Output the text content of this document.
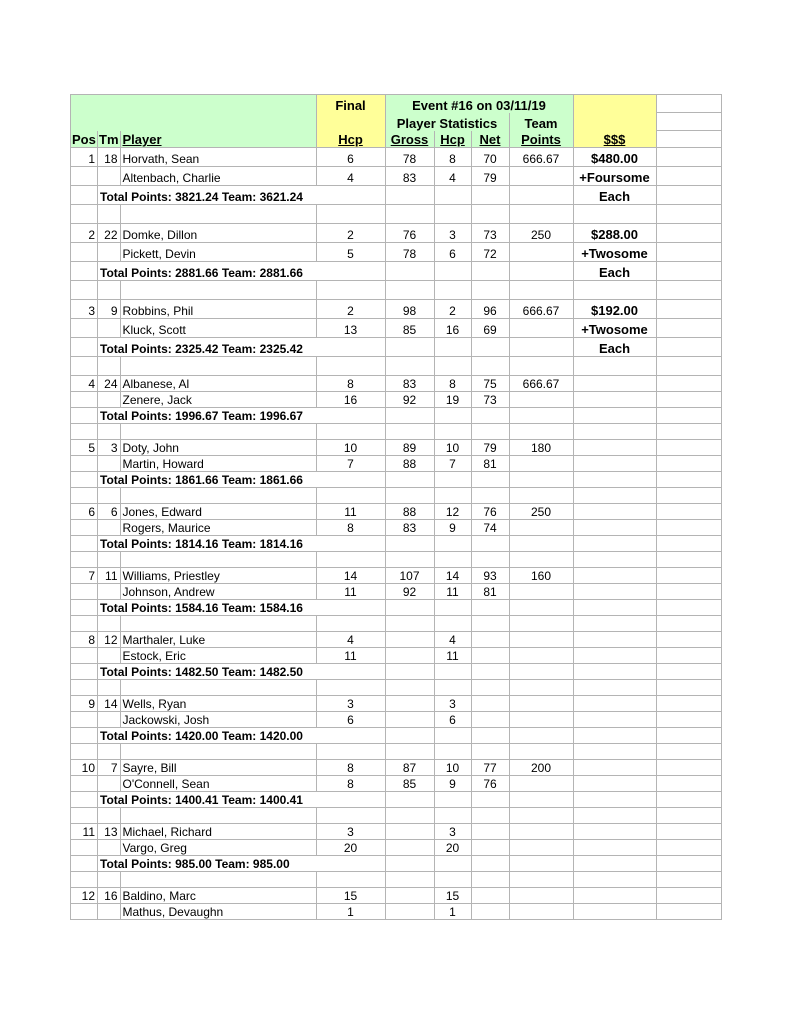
			Final	Event #16 on 03/11/19					
				Player Statistics			Team		
Pos	Tm	Player	Hcp	Gross	Hcp	Net	Points	$$$	
1	18	Horvath, Sean	6	78	8	70	666.67	$480.00	
		Altenbach, Charlie	4	83	4	79		+Foursome	
	Total Points: 3821.24 Team: 3621.24							Each	

2	22	Domke, Dillon	2	76	3	73	250	$288.00	
		Pickett, Devin	5	78	6	72		+Twosome	
	Total Points: 2881.66 Team: 2881.66							Each	

3	9	Robbins, Phil	2	98	2	96	666.67	$192.00	
		Kluck, Scott	13	85	16	69		+Twosome	
	Total Points: 2325.42 Team: 2325.42							Each	

4	24	Albanese, Al	8	83	8	75	666.67		
		Zenere, Jack	16	92	19	73			
	Total Points: 1996.67 Team: 1996.67								

5	3	Doty, John	10	89	10	79	180		
		Martin, Howard	7	88	7	81			
	Total Points: 1861.66 Team: 1861.66								

6	6	Jones, Edward	11	88	12	76	250		
		Rogers, Maurice	8	83	9	74			
	Total Points: 1814.16 Team: 1814.16								

7	11	Williams, Priestley	14	107	14	93	160		
		Johnson, Andrew	11	92	11	81			
	Total Points: 1584.16 Team: 1584.16								

8	12	Marthaler, Luke	4		4				
		Estock, Eric	11		11				
	Total Points: 1482.50 Team: 1482.50								

9	14	Wells, Ryan	3		3				
		Jackowski, Josh	6		6				
	Total Points: 1420.00 Team: 1420.00								

10	7	Sayre, Bill	8	87	10	77	200		
		O'Connell, Sean	8	85	9	76			
	Total Points: 1400.41 Team: 1400.41								

11	13	Michael, Richard	3		3				
		Vargo, Greg	20		20				
	Total Points: 985.00 Team: 985.00								

12	16	Baldino, Marc	15		15				
		Mathus, Devaughn	1		1				
